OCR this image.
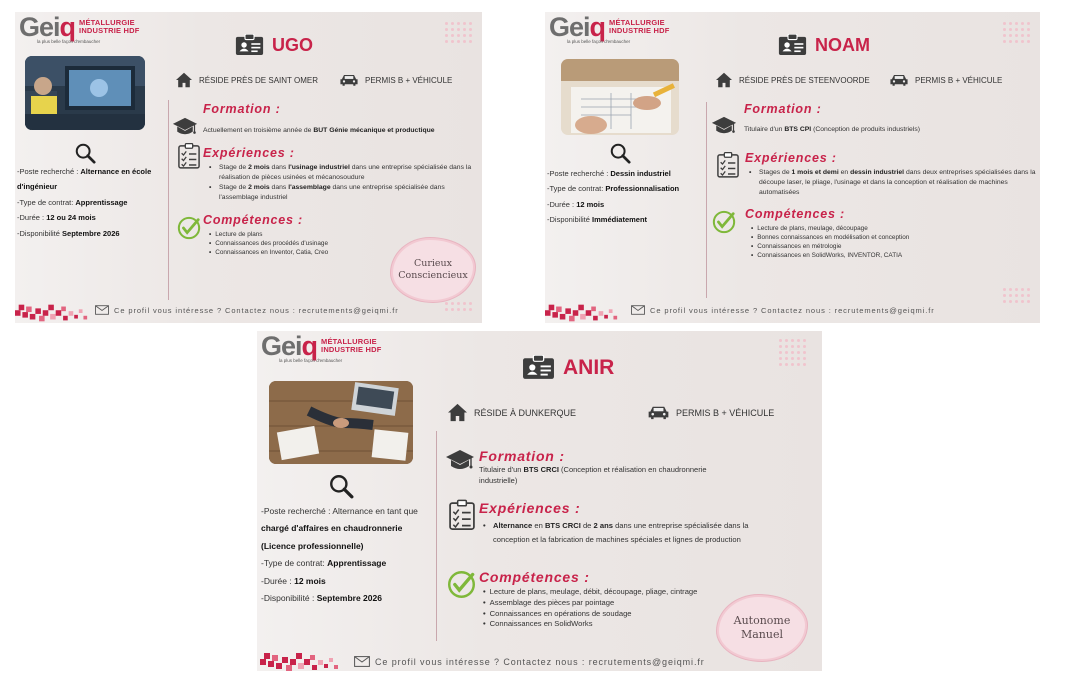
Geiq MÉTALLURGIE
INDUSTRIE HDF
la plus belle façon d'embaucher	UGO
RÉSIDE PRÈS DE SAINT OMER	PERMIS B + VÉHICULE
Formation :
Actuellement en troisième année de BUT Génie mécanique et productique
Expériences :
• Stage de 2 mois dans l'usinage industriel dans une entreprise spécialisée dans la réalisation de pièces usinées et mécanosoudure
• Stage de 2 mois dans l'assemblage dans une entreprise spécialisée dans l'assemblage industriel
Compétences :
• Lecture de plans
• Connaissances des procédés d'usinage
• Connaissances en Inventor, Catia, Creo
-Poste recherché : Alternance en école d'ingénieur
-Type de contrat: Apprentissage
-Durée : 12 ou 24 mois
-Disponibilité Septembre 2026
Curieux
Consciencieux
Ce profil vous intéresse ? Contactez nous : recrutements@geiqmi.fr
Geiq MÉTALLURGIE
INDUSTRIE HDF
la plus belle façon d'embaucher	NOAM
RÉSIDE PRÈS DE STEENVOORDE	PERMIS B + VÉHICULE
Formation :
Titulaire d'un BTS CPI (Conception de produits industriels)
Expériences :
• Stages de 1 mois et demi en dessin industriel dans deux entreprises spécialisées dans la découpe laser, le pliage, l'usinage et dans la conception et réalisation de machines automatisées
Compétences :
• Lecture de plans, meulage, découpage
• Bonnes connaissances en modélisation et conception
• Connaissances en métrologie
• Connaissances en SolidWorks, INVENTOR, CATIA
-Poste recherché : Dessin industriel
-Type de contrat: Professionnalisation
-Durée : 12 mois
-Disponibilité Immédiatement
Ce profil vous intéresse ? Contactez nous : recrutements@geiqmi.fr
Geiq MÉTALLURGIE
INDUSTRIE HDF
la plus belle façon d'embaucher	ANIR
RÉSIDE À DUNKERQUE	PERMIS B + VÉHICULE
Formation :
Titulaire d'un BTS CRCI (Conception et réalisation en chaudronnerie industrielle)
Expériences :
• Alternance en BTS CRCI de 2 ans dans une entreprise spécialisée dans la conception et la fabrication de machines spéciales et lignes de production
Compétences :
• Lecture de plans, meulage, débit, découpage, pliage, cintrage
• Assemblage des pièces par pointage
• Connaissances en opérations de soudage
• Connaissances en SolidWorks
-Poste recherché : Alternance en tant que chargé d'affaires en chaudronnerie (Licence professionnelle)
-Type de contrat: Apprentissage
-Durée : 12 mois
-Disponibilité : Septembre 2026
Autonome
Manuel
Ce profil vous intéresse ? Contactez nous : recrutements@geiqmi.fr
